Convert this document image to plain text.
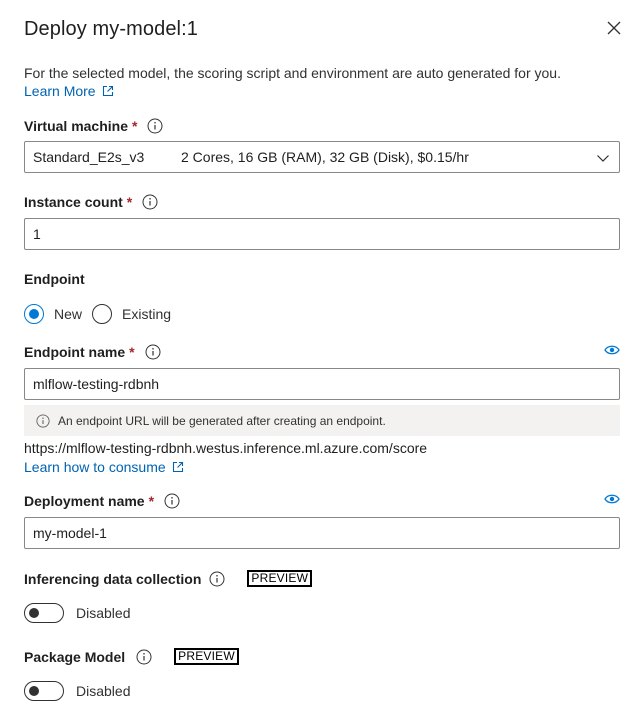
Deploy my-model:1
For the selected model, the scoring script and environment are auto generated for you.
Learn More
Virtual machine *
Standard_E2s_v3	2 Cores, 16 GB (RAM), 32 GB (Disk), $0.15/hr
Instance count *
1
Endpoint
New	Existing
Endpoint name *
mlflow-testing-rdbnh
An endpoint URL will be generated after creating an endpoint.
https://mlflow-testing-rdbnh.westus.inference.ml.azure.com/score
Learn how to consume
Deployment name *
my-model-1
Inferencing data collection	PREVIEW
Disabled
Package Model	PREVIEW
Disabled
